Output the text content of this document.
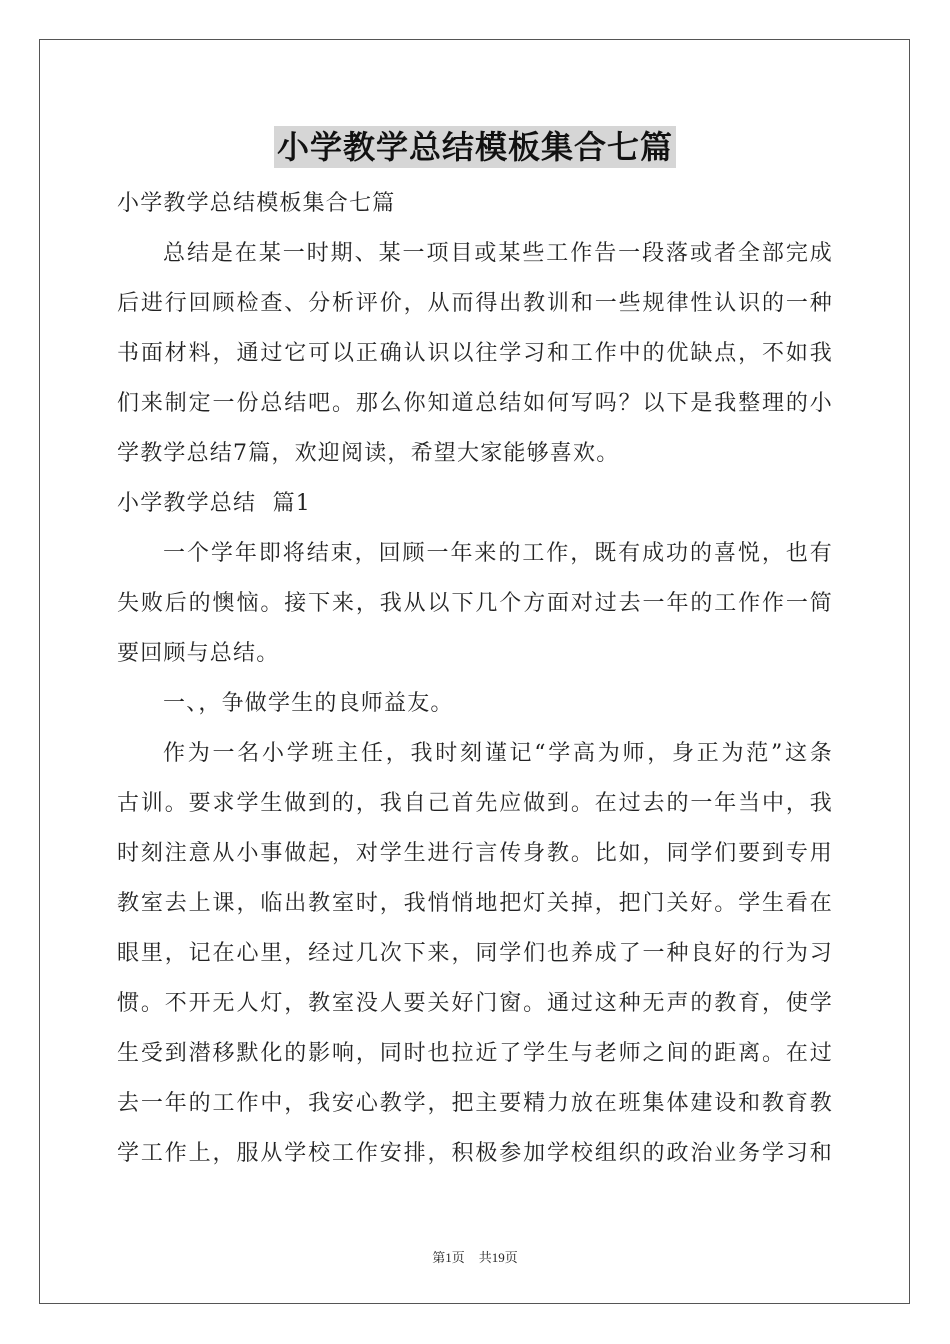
小学教学总结模板集合七篇
小学教学总结模板集合七篇
总结是在某一时期、某一项目或某些工作告一段落或者全部完成
后进行回顾检查、分析评价，从而得出教训和一些规律性认识的一种
书面材料，通过它可以正确认识以往学习和工作中的优缺点，不如我
们来制定一份总结吧。那么你知道总结如何写吗？以下是我整理的小
学教学总结7篇，欢迎阅读，希望大家能够喜欢。
小学教学总结  篇1
一个学年即将结束，回顾一年来的工作，既有成功的喜悦，也有
失败后的懊恼。接下来，我从以下几个方面对过去一年的工作作一简
要回顾与总结。
一、，争做学生的良师益友。
作为一名小学班主任，我时刻谨记“学高为师，身正为范”这条
古训。要求学生做到的，我自己首先应做到。在过去的一年当中，我
时刻注意从小事做起，对学生进行言传身教。比如，同学们要到专用
教室去上课，临出教室时，我悄悄地把灯关掉，把门关好。学生看在
眼里，记在心里，经过几次下来，同学们也养成了一种良好的行为习
惯。不开无人灯，教室没人要关好门窗。通过这种无声的教育，使学
生受到潜移默化的影响，同时也拉近了学生与老师之间的距离。在过
去一年的工作中，我安心教学，把主要精力放在班集体建设和教育教
学工作上，服从学校工作安排，积极参加学校组织的政治业务学习和
第1页 共19页
